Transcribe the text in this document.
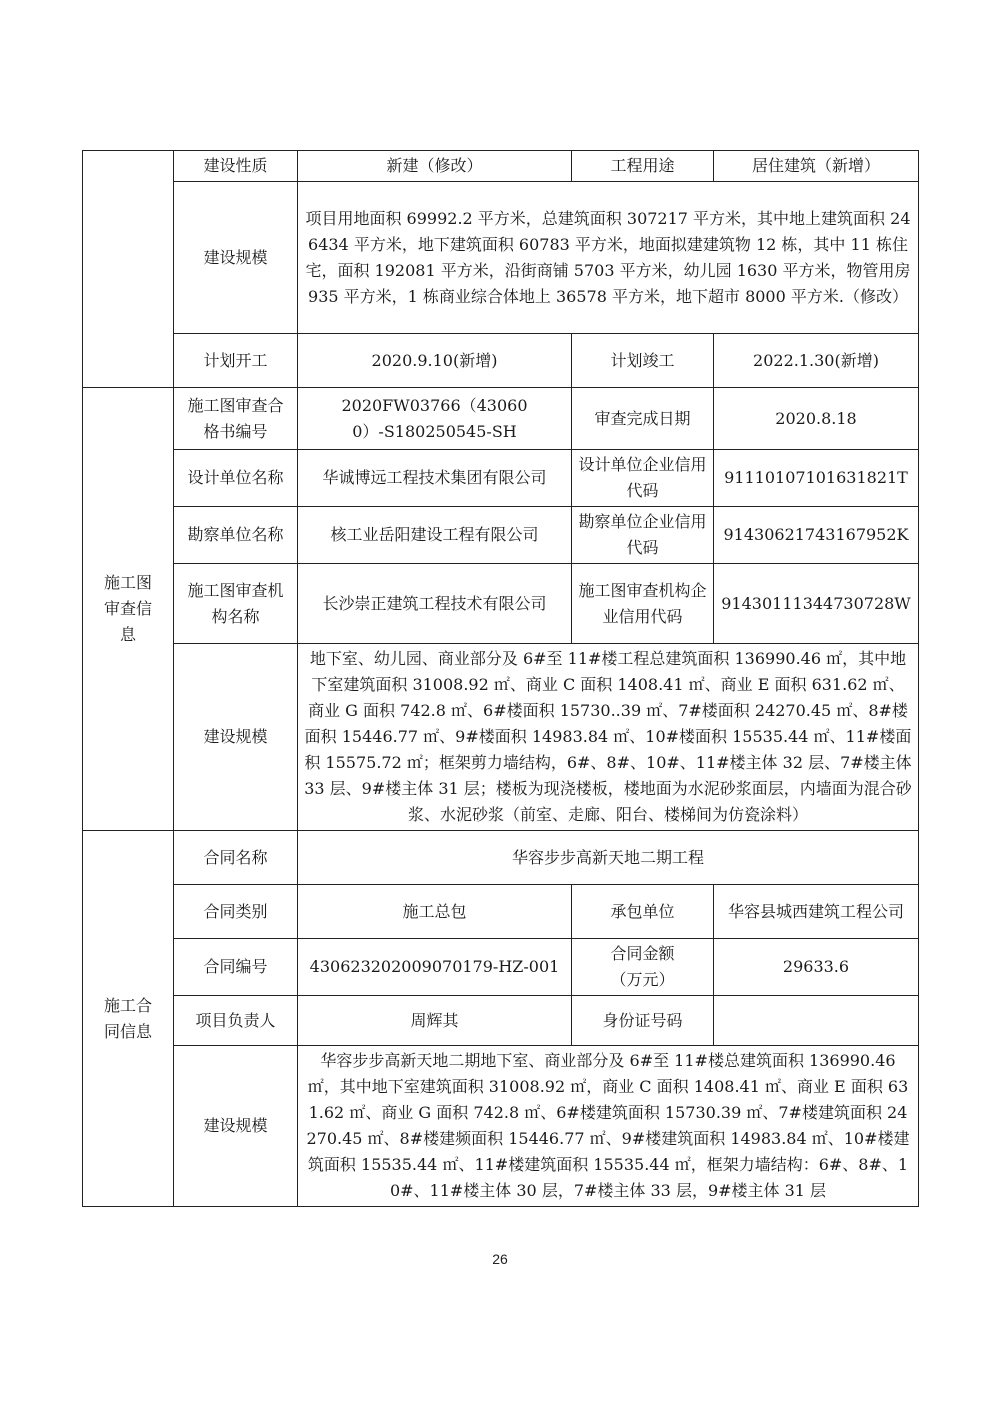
	建设性质	新建（修改）	工程用途	居住建筑（新增）
	建设规模	项目用地面积 69992.2 平方米，总建筑面积 307217 平方米，其中地上建筑面积 246434 平方米，地下建筑面积 60783 平方米，地面拟建建筑物 12 栋，其中 11 栋住宅，面积 192081 平方米，沿街商铺 5703 平方米，幼儿园 1630 平方米，物管用房 935 平方米，1 栋商业综合体地上 36578 平方米，地下超市 8000 平方米.（修改）		
	计划开工	2020.9.10(新增)	计划竣工	2022.1.30(新增)
施工图审查信息	施工图审查合格书编号	2020FW03766（430600）-S180250545-SH	审查完成日期	2020.8.18
	设计单位名称	华诚博远工程技术集团有限公司	设计单位企业信用代码	91110107101631821T
	勘察单位名称	核工业岳阳建设工程有限公司	勘察单位企业信用代码	91430621743167952K
	施工图审查机构名称	长沙崇正建筑工程技术有限公司	施工图审查机构企业信用代码	91430111344730728W
	建设规模	地下室、幼儿园、商业部分及 6#至 11#楼工程总建筑面积 136990.46 ㎡，其中地下室建筑面积 31008.92 ㎡、商业 C 面积 1408.41 ㎡、商业 E 面积 631.62 ㎡、商业 G 面积 742.8 ㎡、6#楼面积 15730..39 ㎡、7#楼面积 24270.45 ㎡、8#楼面积 15446.77 ㎡、9#楼面积 14983.84 ㎡、10#楼面积 15535.44 ㎡、11#楼面积 15575.72 ㎡；框架剪力墙结构，6#、8#、10#、11#楼主体 32 层、7#楼主体 33 层、9#楼主体 31 层；楼板为现浇楼板，楼地面为水泥砂浆面层，内墙面为混合砂浆、水泥砂浆（前室、走廊、阳台、楼梯间为仿瓷涂料）		
施工合同信息	合同名称	华容步步高新天地二期工程		
	合同类别	施工总包	承包单位	华容县城西建筑工程公司
	合同编号	430623202009070179-HZ-001	合同金额（万元）	29633.6
	项目负责人	周辉其	身份证号码	
	建设规模	华容步步高新天地二期地下室、商业部分及 6#至 11#楼总建筑面积 136990.46 ㎡，其中地下室建筑面积 31008.92 ㎡，商业 C 面积 1408.41 ㎡、商业 E 面积 631.62 ㎡、商业 G 面积 742.8 ㎡、6#楼建筑面积 15730.39 ㎡、7#楼建筑面积 24270.45 ㎡、8#楼建频面积 15446.77 ㎡、9#楼建筑面积 14983.84 ㎡、10#楼建筑面积 15535.44 ㎡、11#楼建筑面积 15535.44 ㎡，框架力墙结构：6#、8#、10#、11#楼主体 30 层，7#楼主体 33 层，9#楼主体 31 层		
26
